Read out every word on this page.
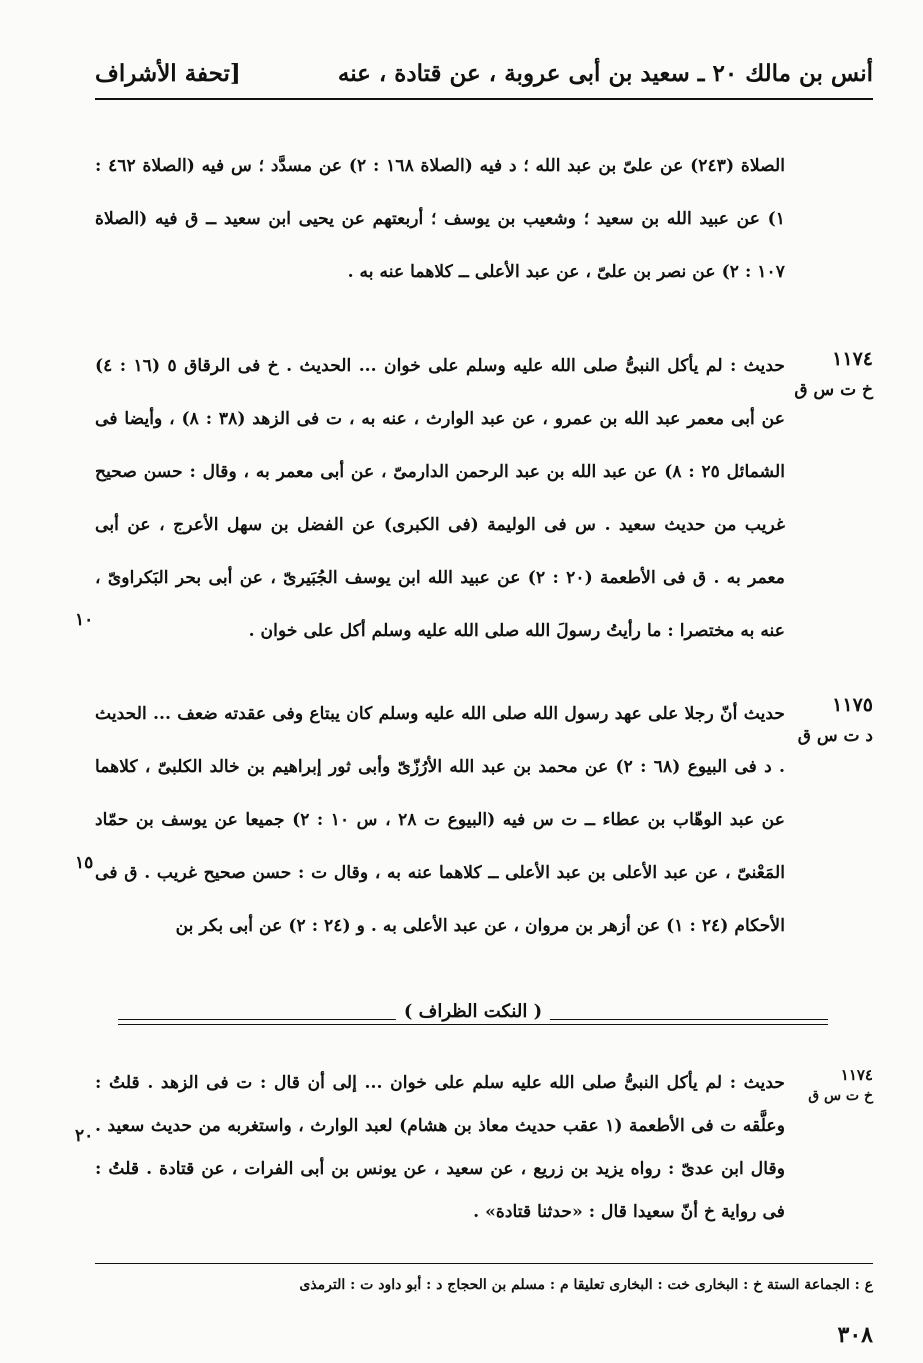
أنس بن مالك ٢٠ ـ سعيد بن أبى عروبة ، عن قتادة ، عنه
[تحفة الأشراف
الصلاة (٢٤٣) عن علىّ بن عبد الله ؛ د فيه (الصلاة ١٦٨ : ٢) عن مسدَّد ؛ س فيه (الصلاة ٤٦٢ : ١) عن عبيد الله بن سعيد ؛ وشعيب بن يوسف ؛ أربعتهم عن يحيى ابن سعيد ــ ق فيه (الصلاة ١٠٧ : ٢) عن نصر بن علىّ ، عن عبد الأعلى ــ كلاهما عنه به .
١١٧٤
خ ت س ق
حديث : لم يأكل النبىُّ صلى الله عليه وسلم على خوان ... الحديث . خ فى الرقاق ٥ (١٦ : ٤) عن أبى معمر عبد الله بن عمرو ، عن عبد الوارث ، عنه به ، ت فى الزهد (٣٨ : ٨) ، وأيضا فى الشمائل ٢٥ : ٨) عن عبد الله بن عبد الرحمن الدارمىّ ، عن أبى معمر به ، وقال : حسن صحيح غريب من حديث سعيد . س فى الوليمة (فى الكبرى) عن الفضل بن سهل الأعرج ، عن أبى معمر به . ق فى الأطعمة (٢٠ : ٢) عن عبيد الله ابن يوسف الجُبَيرىّ ، عن أبى بحر البَكراوىّ ، عنه به مختصرا : ما رأيتُ رسولَ الله صلى الله عليه وسلم أكل على خوان .
١٠
١١٧٥
د ت س ق
حديث أنّ رجلا على عهد رسول الله صلى الله عليه وسلم كان يبتاع وفى عقدته ضعف ... الحديث . د فى البيوع (٦٨ : ٢) عن محمد بن عبد الله الأرُزّىّ وأبى ثور إبراهيم بن خالد الكلبىّ ، كلاهما عن عبد الوهّاب بن عطاء ــ ت س فيه (البيوع ت ٢٨ ، س ١٠ : ٢) جميعا عن يوسف بن حمّاد المَعْنىّ ، عن عبد الأعلى بن عبد الأعلى ــ كلاهما عنه به ، وقال ت : حسن صحيح غريب . ق فى الأحكام (٢٤ : ١) عن أزهر بن مروان ، عن عبد الأعلى به . و (٢٤ : ٢) عن أبى بكر بن
١٥
( النكت الظراف )
١١٧٤
خ ت س ق
حديث : لم يأكل النبىُّ صلى الله عليه سلم على خوان ... إلى أن قال : ت فى الزهد . قلتُ : وعلَّقه ت فى الأطعمة (١ عقب حديث معاذ بن هشام) لعبد الوارث ، واستغربه من حديث سعيد . وقال ابن عدىّ : رواه يزيد بن زريع ، عن سعيد ، عن يونس بن أبى الفرات ، عن قتادة . قلتُ : فى رواية خ أنّ سعيدا قال : «حدثنا قتادة» .
٢٠
ع : الجماعة الستة خ : البخارى خت : البخارى تعليقا م : مسلم بن الحجاج د : أبو داود ت : الترمذى
٣٠٨
